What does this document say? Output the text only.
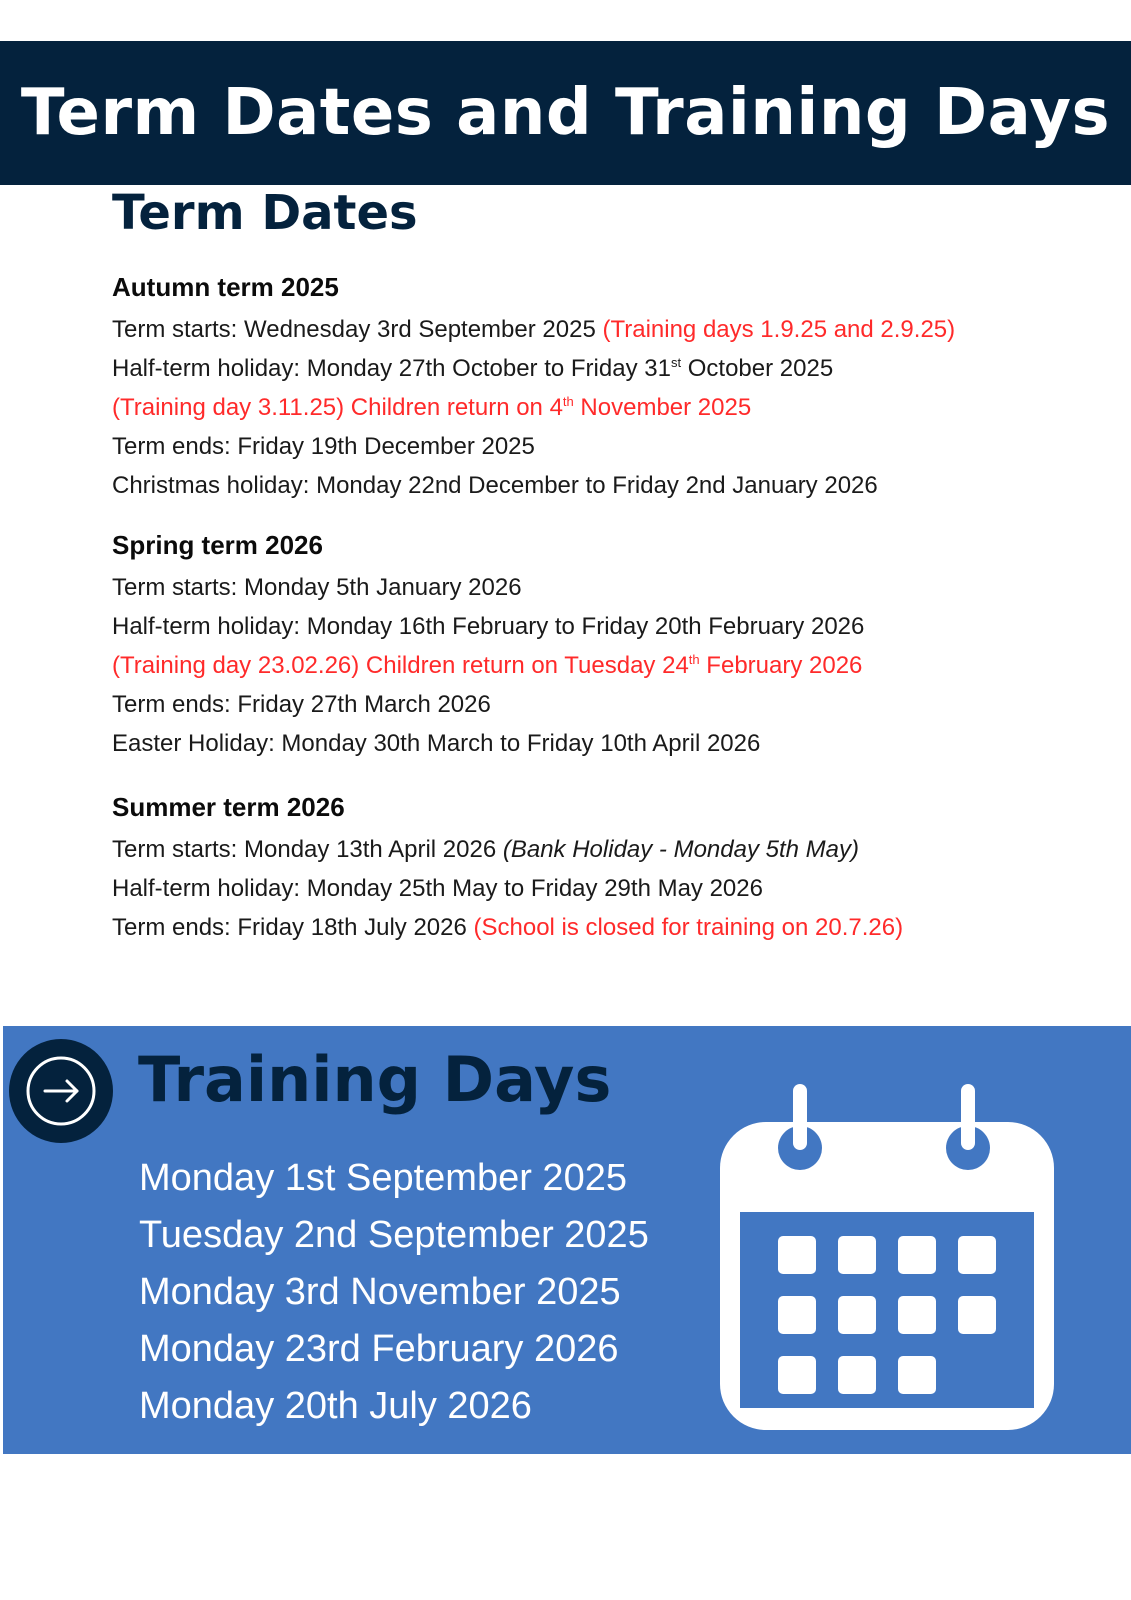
Term Dates and Training Days
Term Dates
Autumn term 2025
Term starts: Wednesday 3rd September 2025 (Training days 1.9.25 and 2.9.25)
Half-term holiday: Monday 27th October to Friday 31st October 2025
(Training day 3.11.25) Children return on 4th November 2025
Term ends: Friday 19th December 2025
Christmas holiday: Monday 22nd December to Friday 2nd January 2026
Spring term 2026
Term starts: Monday 5th January 2026
Half-term holiday: Monday 16th February to Friday 20th February 2026
(Training day 23.02.26) Children return on Tuesday 24th February 2026
Term ends: Friday 27th March 2026
Easter Holiday: Monday 30th March to Friday 10th April 2026
Summer term 2026
Term starts: Monday 13th April 2026 (Bank Holiday - Monday 5th May)
Half-term holiday: Monday 25th May to Friday 29th May 2026
Term ends: Friday 18th July 2026 (School is closed for training on 20.7.26)
Training Days
Monday 1st September 2025
Tuesday 2nd September 2025
Monday 3rd November 2025
Monday 23rd February 2026
Monday 20th July 2026
